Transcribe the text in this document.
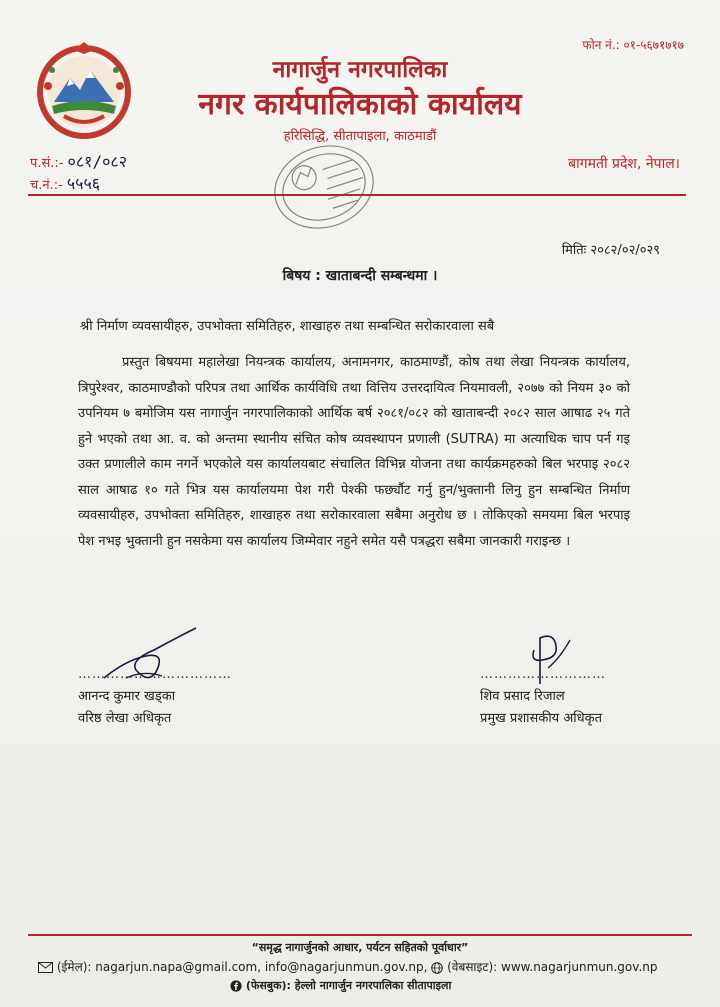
फोन नं.: ०१-५६७१७१७
नागार्जुन नगरपालिका
नगर कार्यपालिकाको कार्यालय
हरिसिद्धि, सीतापाइला, काठमाडौं
बागमती प्रदेश, नेपाल।
प.सं.:- ०८१/०८२
च.नं.:- ५५५६
मितिः २०८२/०२/०२९
बिषय : खाताबन्दी सम्बन्धमा ।
श्री निर्माण व्यवसायीहरु, उपभोक्ता समितिहरु, शाखाहरु तथा सम्बन्धित सरोकारवाला सबै
प्रस्तुत बिषयमा महालेखा नियन्त्रक कार्यालय, अनामनगर, काठमाण्डौं, कोष तथा लेखा नियन्त्रक कार्यालय, त्रिपुरेश्वर, काठमाण्डौको परिपत्र तथा आर्थिक कार्यविधि तथा वित्तिय उत्तरदायित्व नियमावली, २०७७ को नियम ३० को उपनियम ७ बमोजिम यस नागार्जुन नगरपालिकाको आर्थिक बर्ष २०८१/०८२ को खाताबन्दी २०८२ साल आषाढ २५ गते हुने भएको तथा आ. व. को अन्तमा स्थानीय संचित कोष व्यवस्थापन प्रणाली (SUTRA) मा अत्याधिक चाप पर्न गइ उक्त प्रणालीले काम नगर्ने भएकोले यस कार्यालयबाट संचालित विभिन्न योजना तथा कार्यक्रमहरुको बिल भरपाइ २०८२ साल आषाढ १० गते भित्र यस कार्यालयमा पेश गरी पेश्की फर्छ्यौट गर्नु हुन/भुक्तानी लिनु हुन सम्बन्धित निर्माण व्यवसायीहरु, उपभोक्ता समितिहरु, शाखाहरु तथा सरोकारवाला सबैमा अनुरोध छ । तोकिएको समयमा बिल भरपाइ पेश नभइ भुक्तानी हुन नसकेमा यस कार्यालय जिम्मेवार नहुने समेत यसै पत्रद्धरा सबैमा जानकारी गराइन्छ ।
……………………………
आनन्द कुमार खड्का
वरिष्ठ लेखा अधिकृत
………………………
शिव प्रसाद रिजाल
प्रमुख प्रशासकीय अधिकृत
“समृद्ध नागार्जुनको आधार, पर्यटन सहितको पूर्वाधार”
(ईमेल): nagarjun.napa@gmail.com, info@nagarjunmun.gov.np, (वेबसाइट): www.nagarjunmun.gov.np
(फेसबुक): हेल्लो नागार्जुन नगरपालिका सीतापाइला
